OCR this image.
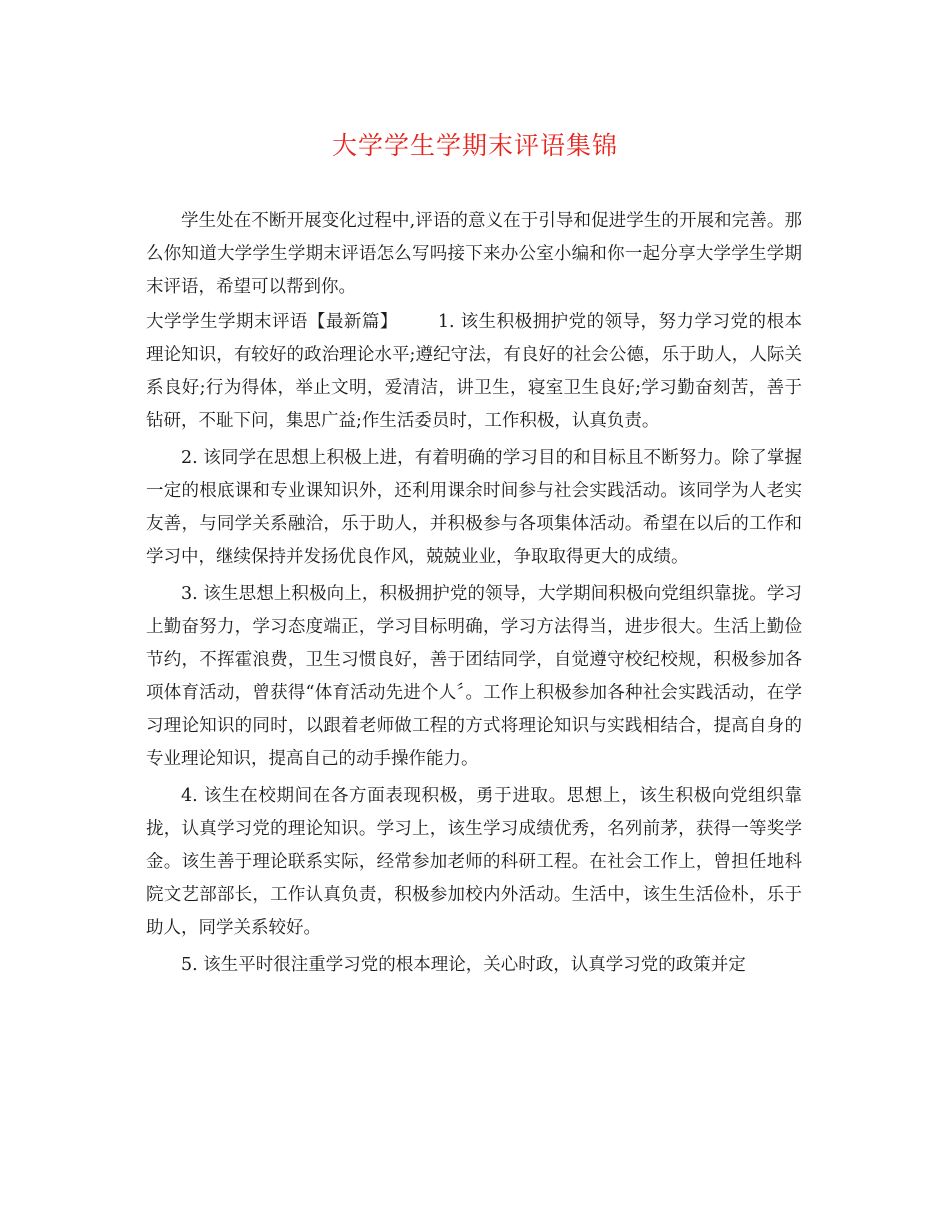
大学学生学期末评语集锦

学生处在不断开展变化过程中,评语的意义在于引导和促进学生的开展和完善。那么你知道大学学生学期末评语怎么写吗接下来办公室小编和你一起分享大学学生学期末评语，希望可以帮到你。

大学学生学期末评语【最新篇】 1. 该生积极拥护党的领导，努力学习党的根本理论知识，有较好的政治理论水平;遵纪守法，有良好的社会公德，乐于助人，人际关系良好;行为得体，举止文明，爱清洁，讲卫生，寝室卫生良好;学习勤奋刻苦，善于钻研，不耻下问，集思广益;作生活委员时，工作积极，认真负责。

2. 该同学在思想上积极上进，有着明确的学习目的和目标且不断努力。除了掌握一定的根底课和专业课知识外，还利用课余时间参与社会实践活动。该同学为人老实友善，与同学关系融洽，乐于助人，并积极参与各项集体活动。希望在以后的工作和学习中，继续保持并发扬优良作风，兢兢业业，争取取得更大的成绩。

3. 该生思想上积极向上，积极拥护党的领导，大学期间积极向党组织靠拢。学习上勤奋努力，学习态度端正，学习目标明确，学习方法得当，进步很大。生活上勤俭节约，不挥霍浪费，卫生习惯良好，善于团结同学，自觉遵守校纪校规，积极参加各项体育活动，曾获得“体育活动先进个人〞。工作上积极参加各种社会实践活动，在学习理论知识的同时，以跟着老师做工程的方式将理论知识与实践相结合，提高自身的专业理论知识，提高自己的动手操作能力。

4. 该生在校期间在各方面表现积极，勇于进取。思想上，该生积极向党组织靠拢，认真学习党的理论知识。学习上，该生学习成绩优秀，名列前茅，获得一等奖学金。该生善于理论联系实际，经常参加老师的科研工程。在社会工作上，曾担任地科院文艺部部长，工作认真负责，积极参加校内外活动。生活中，该生生活俭朴，乐于助人，同学关系较好。

5. 该生平时很注重学习党的根本理论，关心时政，认真学习党的政策并定
